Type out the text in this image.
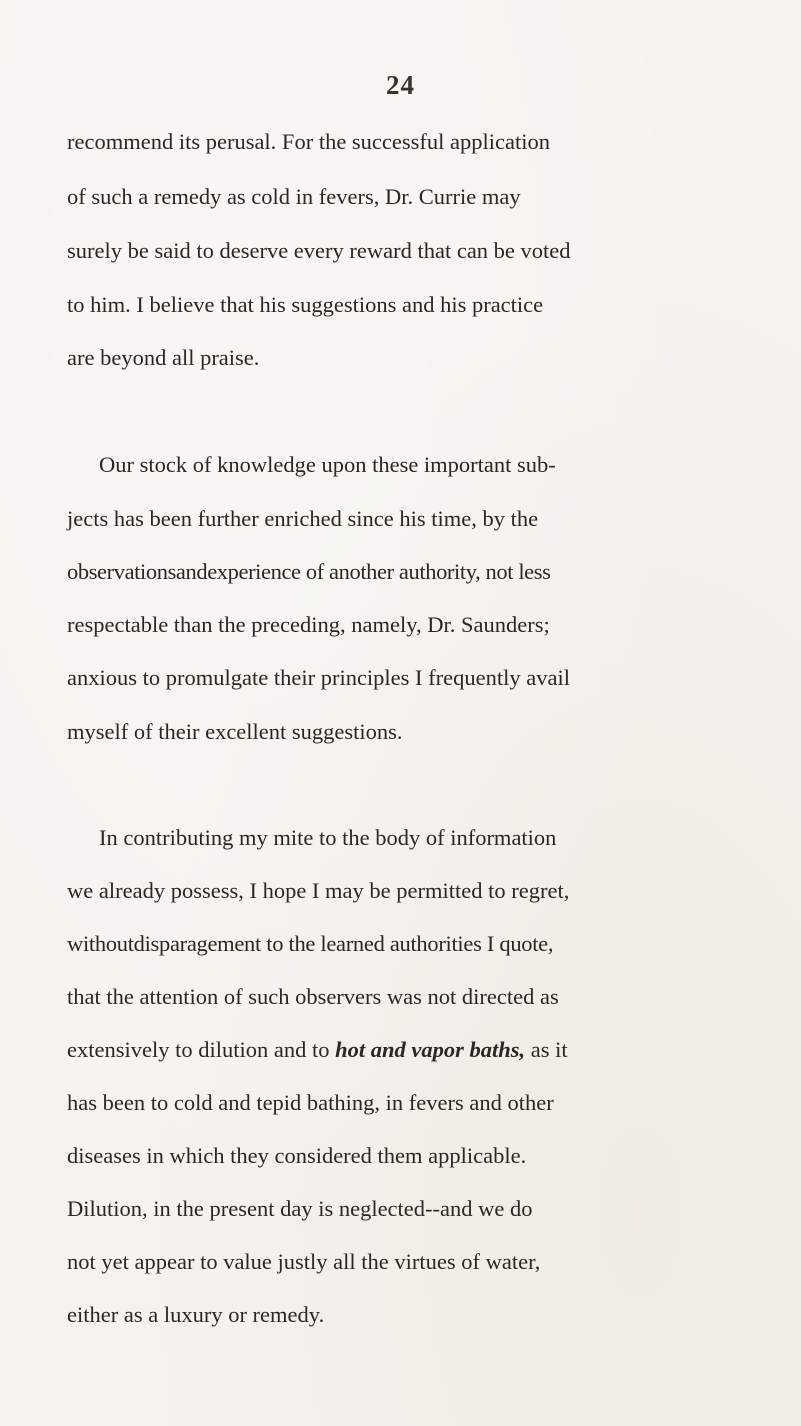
24
recommend its perusal. For the successful application
of such a remedy as cold in fevers, Dr. Currie may
surely be said to deserve every reward that can be voted
to him. I believe that his suggestions and his practice
are beyond all praise.
Our stock of knowledge upon these important sub-
jects has been further enriched since his time, by the
observationsandexperience of another authority, not less
respectable than the preceding, namely, Dr. Saunders;
anxious to promulgate their principles I frequently avail
myself of their excellent suggestions.
In contributing my mite to the body of information
we already possess, I hope I may be permitted to regret,
withoutdisparagement to the learned authorities I quote,
that the attention of such observers was not directed as
extensively to dilution and to hot and vapor baths, as it
has been to cold and tepid bathing, in fevers and other
diseases in which they considered them applicable.
Dilution, in the present day is neglected--and we do
not yet appear to value justly all the virtues of water,
either as a luxury or remedy.
